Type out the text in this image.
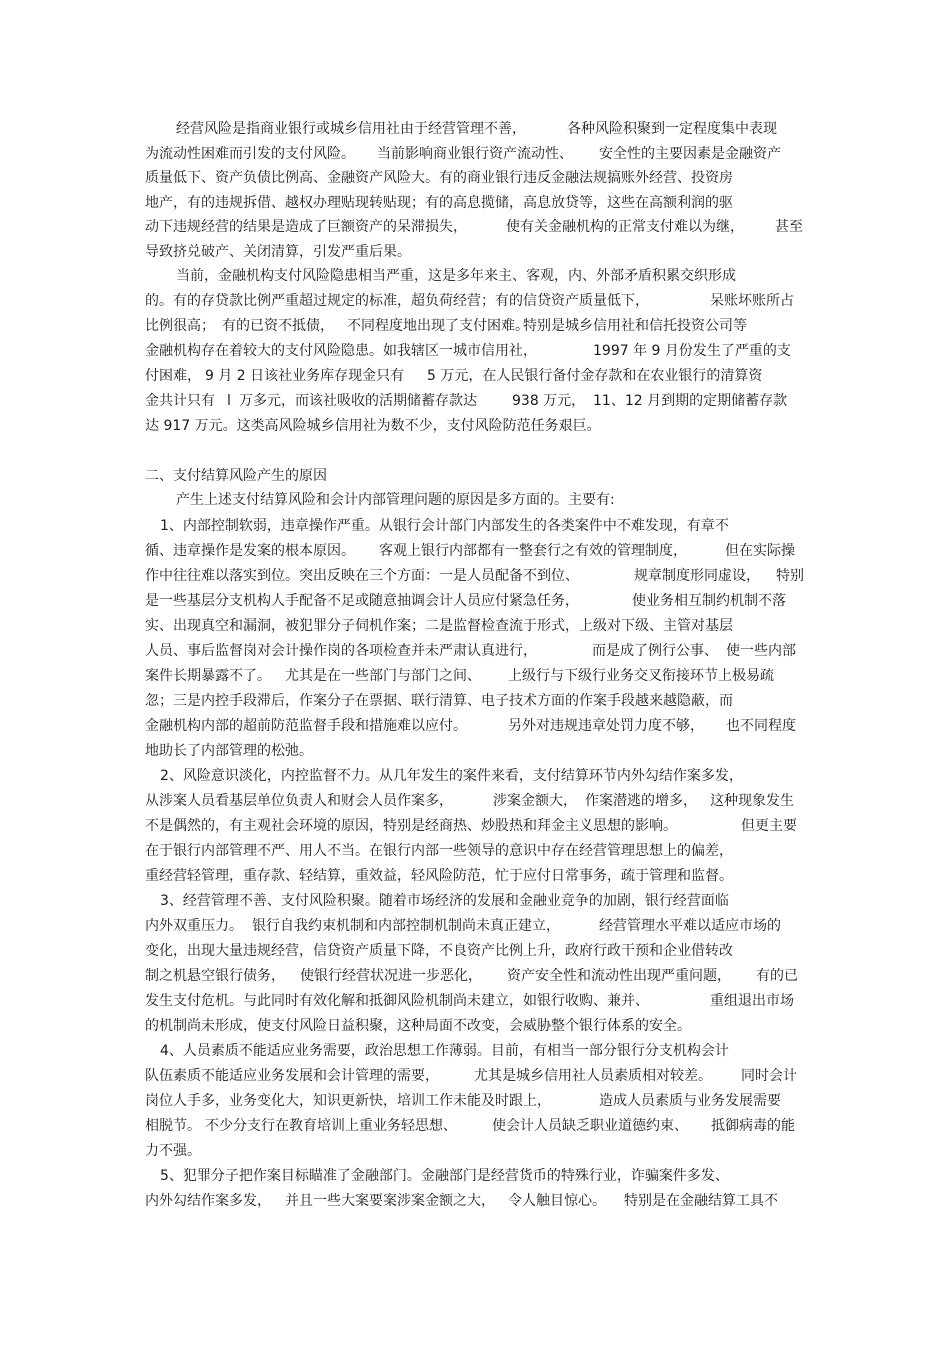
经营风险是指商业银行或城乡信用社由于经营管理不善，	各种风险积聚到一定程度集中表现
为流动性困难而引发的支付风险。 当前影响商业银行资产流动性、 安全性的主要因素是金融资产
质量低下、资产负债比例高、金融资产风险大。有的商业银行违反金融法规搞账外经营、投资房
地产，有的违规拆借、越权办理贴现转贴现；有的高息揽储，高息放贷等，这些在高额利润的驱
动下违规经营的结果是造成了巨额资产的呆滞损失，	使有关金融机构的正常支付难以为继， 甚至
导致挤兑破产、关闭清算，引发严重后果。
当前，金融机构支付风险隐患相当严重，这是多年来主、客观，内、外部矛盾积累交织形成
的。有的存贷款比例严重超过规定的标准，超负荷经营；有的信贷资产质量低下，	呆账坏账所占
比例很高； 有的已资不抵债， 不同程度地出现了支付困难。
特别是城乡信用社和信托投资公司等
金融机构存在着较大的支付风险隐患。如我辖区一城市信用社，	1997 年 9 月份发生了严重的支
付困难， 9 月 2 日该社业务库存现金只有 5 万元，在人民银行备付金存款和在农业银行的清算资
金共计只有 l 万多元，而该社吸收的活期储蓄存款达	938 万元， 11、12 月到期的定期储蓄存款
达 917 万元。这类高风险城乡信用社为数不少，支付风险防范任务艰巨。
二、支付结算风险产生的原因
产生上述支付结算风险和会计内部管理问题的原因是多方面的。主要有:
1、内部控制软弱，违章操作严重。从银行会计部门内部发生的各类案件中不难发现，有章不
循、违章操作是发案的根本原因。 客观上银行内部都有一整套行之有效的管理制度，	但在实际操
作中往往难以落实到位。突出反映在三个方面：一是人员配备不到位、	规章制度形同虚设， 特别
是一些基层分支机构人手配备不足或随意抽调会计人员应付紧急任务，	使业务相互制约机制不落
实、出现真空和漏洞，被犯罪分子伺机作案；二是监督检查流于形式，上级对下级、主管对基层
人员、事后监督岗对会计操作岗的各项检查并未严肃认真进行，	而是成了例行公事、 使一些内部
案件长期暴露不了。 尤其是在一些部门与部门之间、 上级行与下级行业务交叉衔接环节上极易疏
忽；三是内控手段滞后，作案分子在票据、联行清算、电子技术方面的作案手段越来越隐蔽，而
金融机构内部的超前防范监督手段和措施难以应付。	另外对违规违章处罚力度不够， 也不同程度
地助长了内部管理的松弛。
2、风险意识淡化，内控监督不力。从几年发生的案件来看，支付结算环节内外勾结作案多发，
从涉案人员看基层单位负责人和财会人员作案多，	涉案金额大， 作案潜逃的增多， 这种现象发生
不是偶然的，有主观社会环境的原因，特别是经商热、炒股热和拜金主义思想的影响。	但更主要
在于银行内部管理不严、用人不当。在银行内部一些领导的意识中存在经营管理思想上的偏差，
重经营轻管理，重存款、轻结算，重效益，轻风险防范，忙于应付日常事务，疏于管理和监督。
3、经营管理不善、支付风险积聚。随着市场经济的发展和金融业竞争的加剧，银行经营面临
内外双重压力。 银行自我约束机制和内部控制机制尚未真正建立，	经营管理水平难以适应市场的
变化，出现大量违规经营，信贷资产质量下降，不良资产比例上升，政府行政干预和企业借转改
制之机悬空银行债务， 使银行经营状况进一步恶化， 资产安全性和流动性出现严重问题， 有的已
发生支付危机。与此同时有效化解和抵御风险机制尚未建立，如银行收购、兼并、	重组退出市场
的机制尚未形成，使支付风险日益积聚，这种局面不改变，会威胁整个银行体系的安全。
4、人员素质不能适应业务需要，政治思想工作薄弱。目前，有相当一部分银行分支机构会计
队伍素质不能适应业务发展和会计管理的需要，	尤其是城乡信用社人员素质相对较差。 同时会计
岗位人手多，业务变化大，知识更新快，培训工作未能及时跟上，	造成人员素质与业务发展需要
相脱节。 不少分支行在教育培训上重业务轻思想、	使会计人员缺乏职业道德约束、 抵御病毒的能
力不强。
5、犯罪分子把作案目标瞄准了金融部门。金融部门是经营货币的特殊行业，诈骗案件多发、
内外勾结作案多发， 并且一些大案要案涉案金额之大， 令人触目惊心。 特别是在金融结算工具不
